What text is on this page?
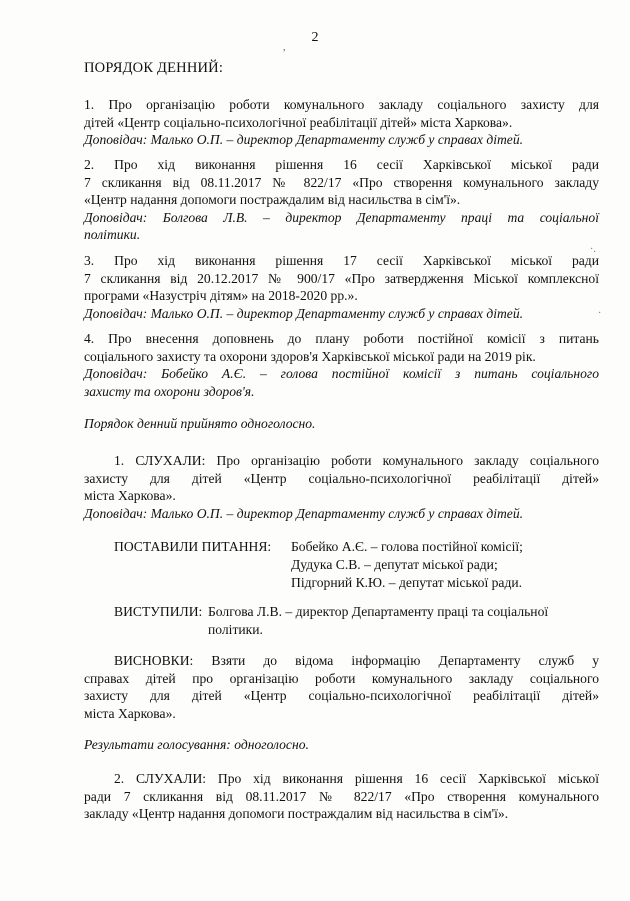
2
,
ПОРЯДОК ДЕННИЙ:
1. Про організацію роботи комунального закладу соціального захисту для
дітей «Центр соціально-психологічної реабілітації дітей» міста Харкова».
Доповідач: Малько О.П. – директор Департаменту служб у справах дітей.
2. Про хід виконання рішення 16 сесії Харківської міської ради
7 скликання від 08.11.2017 № 822/17 «Про створення комунального закладу
«Центр надання допомоги постраждалим від насильства в сім'ї».
Доповідач: Болгова Л.В. – директор Департаменту праці та соціальної
політики.
3. Про хід виконання рішення 17 сесії Харківської міської ради
7 скликання від 20.12.2017 № 900/17 «Про затвердження Міської комплексної
програми «Назустріч дітям» на 2018-2020 рр.».
Доповідач: Малько О.П. – директор Департаменту служб у справах дітей.
·.
·
4. Про внесення доповнень до плану роботи постійної комісії з питань
соціального захисту та охорони здоров'я Харківської міської ради на 2019 рік.
Доповідач: Бобейко А.Є. – голова постійної комісії з питань соціального
захисту та охорони здоров'я.
Порядок денний прийнято одноголосно.
1. СЛУХАЛИ: Про організацію роботи комунального закладу соціального
захисту для дітей «Центр соціально-психологічної реабілітації дітей»
міста Харкова».
Доповідач: Малько О.П. – директор Департаменту служб у справах дітей.
ПОСТАВИЛИ ПИТАННЯ: Бобейко А.Є. – голова постійної комісії;
Дудука С.В. – депутат міської ради;
Підгорний К.Ю. – депутат міської ради.
ВИСТУПИЛИ: Болгова Л.В. – директор Департаменту праці та соціальної
політики.
ВИСНОВКИ: Взяти до відома інформацію Департаменту служб у
справах дітей про організацію роботи комунального закладу соціального
захисту для дітей «Центр соціально-психологічної реабілітації дітей»
міста Харкова».
Результати голосування: одноголосно.
2. СЛУХАЛИ: Про хід виконання рішення 16 сесії Харківської міської
ради 7 скликання від 08.11.2017 № 822/17 «Про створення комунального
закладу «Центр надання допомоги постраждалим від насильства в сім'ї».
